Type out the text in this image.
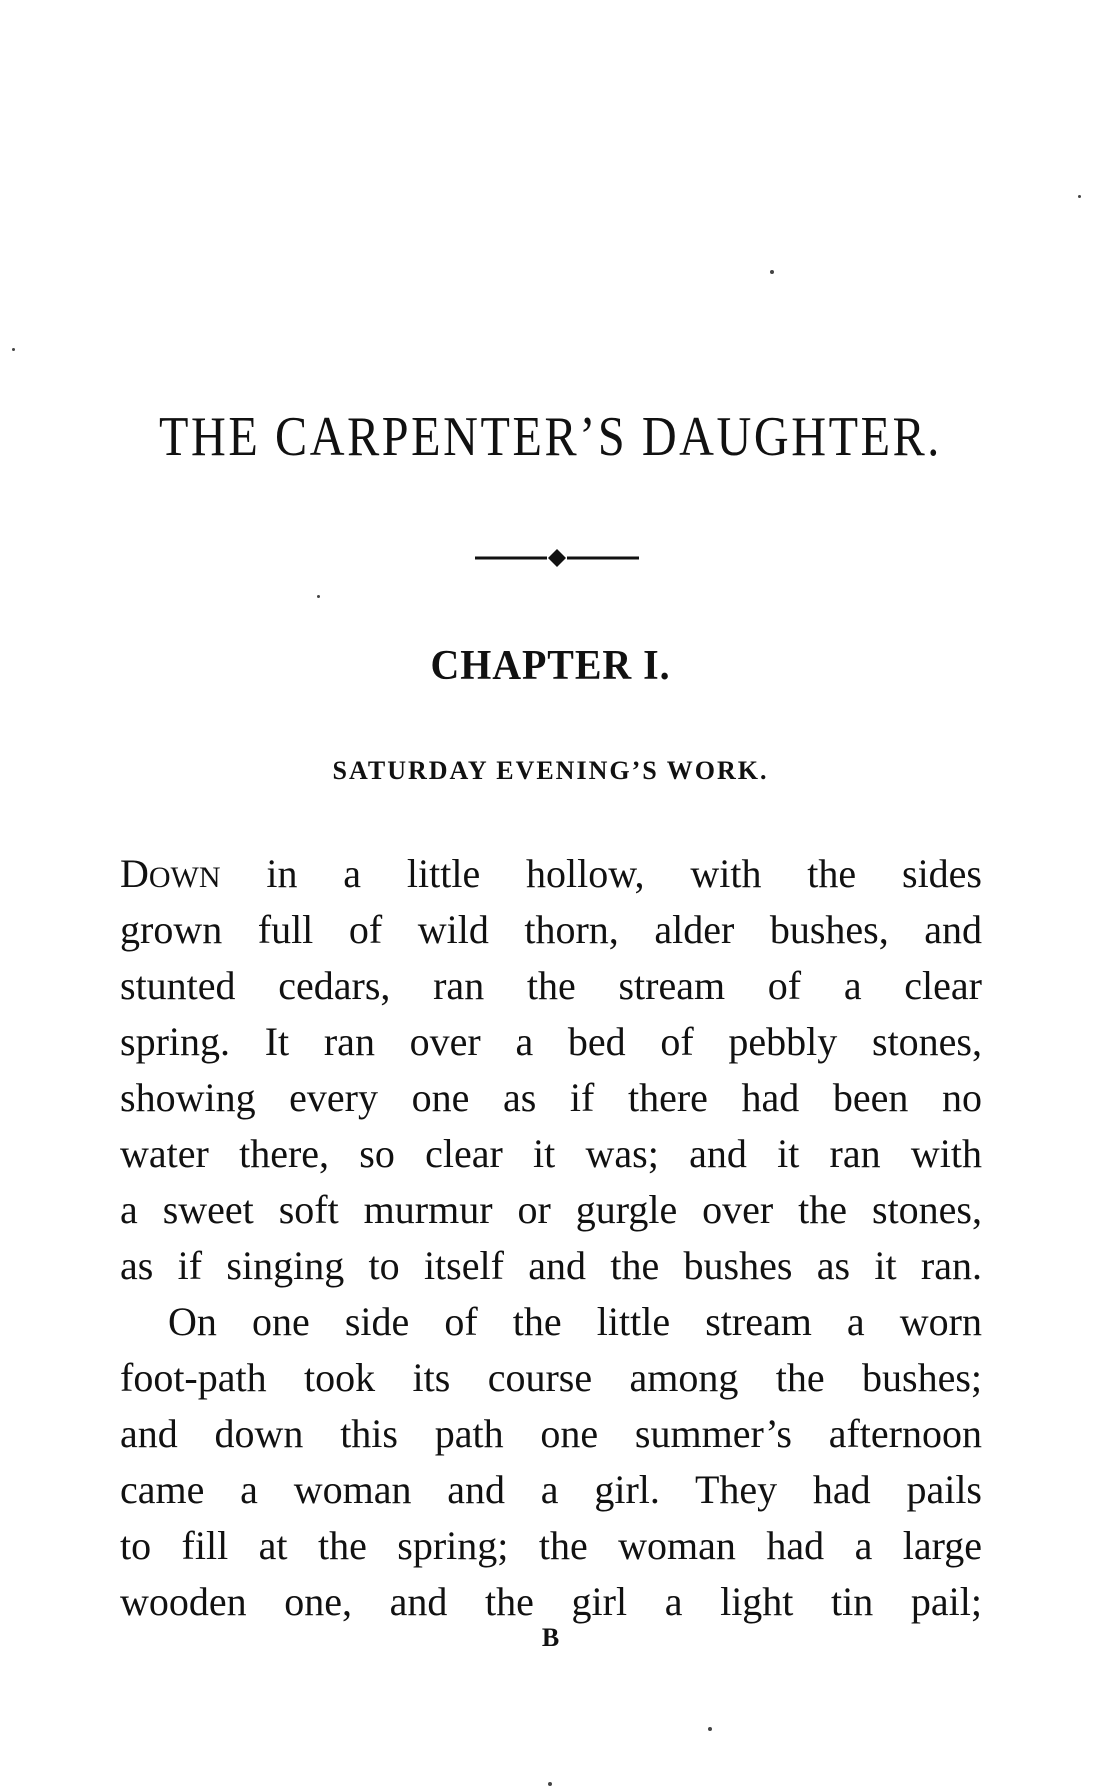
THE CARPENTER’S DAUGHTER.
CHAPTER I.
SATURDAY EVENING’S WORK.
DOWN in a little hollow, with the sides
grown full of wild thorn, alder bushes, and
stunted cedars, ran the stream of a clear
spring. It ran over a bed of pebbly stones,
showing every one as if there had been no
water there, so clear it was; and it ran with
a sweet soft murmur or gurgle over the stones,
as if singing to itself and the bushes as it ran.
On one side of the little stream a worn
foot-path took its course among the bushes;
and down this path one summer’s afternoon
came a woman and a girl. They had pails
to fill at the spring; the woman had a large
wooden one, and the girl a light tin pail;
B
